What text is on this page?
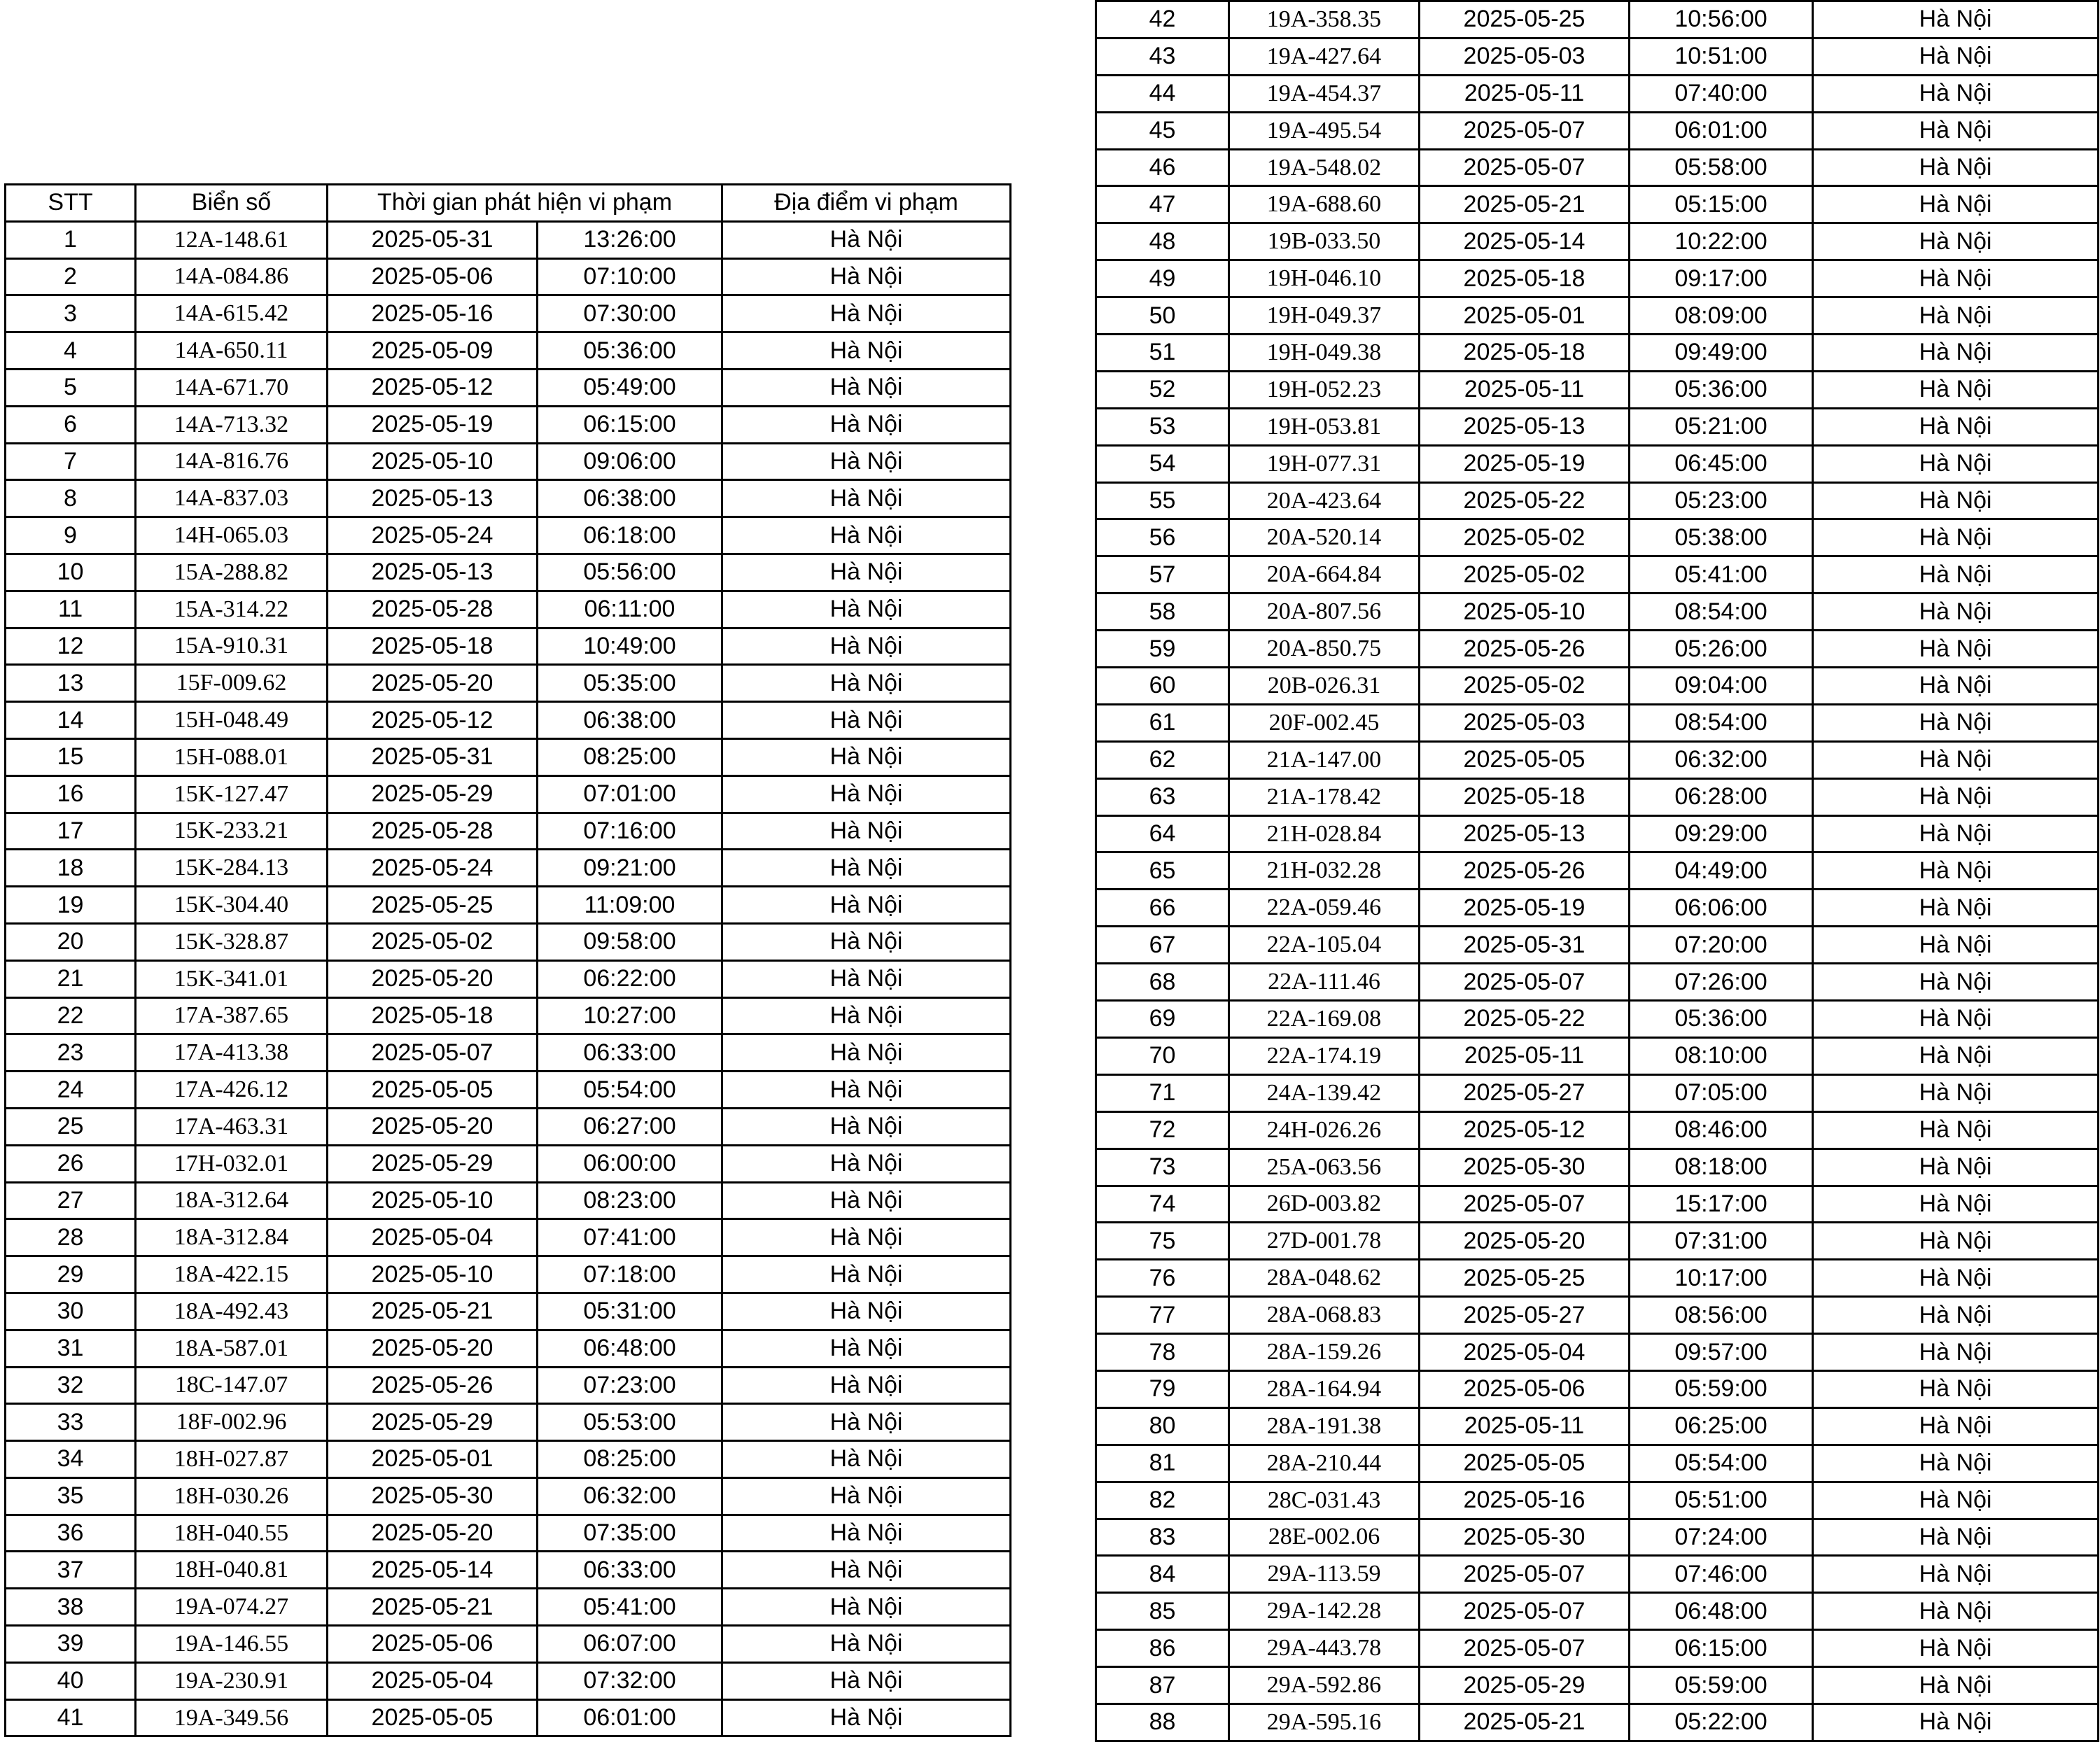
STT	Biển số	Thời gian phát hiện vi phạm		Địa điểm vi phạm
1	12A-148.61	2025-05-31	13:26:00	Hà Nội
2	14A-084.86	2025-05-06	07:10:00	Hà Nội
3	14A-615.42	2025-05-16	07:30:00	Hà Nội
4	14A-650.11	2025-05-09	05:36:00	Hà Nội
5	14A-671.70	2025-05-12	05:49:00	Hà Nội
6	14A-713.32	2025-05-19	06:15:00	Hà Nội
7	14A-816.76	2025-05-10	09:06:00	Hà Nội
8	14A-837.03	2025-05-13	06:38:00	Hà Nội
9	14H-065.03	2025-05-24	06:18:00	Hà Nội
10	15A-288.82	2025-05-13	05:56:00	Hà Nội
11	15A-314.22	2025-05-28	06:11:00	Hà Nội
12	15A-910.31	2025-05-18	10:49:00	Hà Nội
13	15F-009.62	2025-05-20	05:35:00	Hà Nội
14	15H-048.49	2025-05-12	06:38:00	Hà Nội
15	15H-088.01	2025-05-31	08:25:00	Hà Nội
16	15K-127.47	2025-05-29	07:01:00	Hà Nội
17	15K-233.21	2025-05-28	07:16:00	Hà Nội
18	15K-284.13	2025-05-24	09:21:00	Hà Nội
19	15K-304.40	2025-05-25	11:09:00	Hà Nội
20	15K-328.87	2025-05-02	09:58:00	Hà Nội
21	15K-341.01	2025-05-20	06:22:00	Hà Nội
22	17A-387.65	2025-05-18	10:27:00	Hà Nội
23	17A-413.38	2025-05-07	06:33:00	Hà Nội
24	17A-426.12	2025-05-05	05:54:00	Hà Nội
25	17A-463.31	2025-05-20	06:27:00	Hà Nội
26	17H-032.01	2025-05-29	06:00:00	Hà Nội
27	18A-312.64	2025-05-10	08:23:00	Hà Nội
28	18A-312.84	2025-05-04	07:41:00	Hà Nội
29	18A-422.15	2025-05-10	07:18:00	Hà Nội
30	18A-492.43	2025-05-21	05:31:00	Hà Nội
31	18A-587.01	2025-05-20	06:48:00	Hà Nội
32	18C-147.07	2025-05-26	07:23:00	Hà Nội
33	18F-002.96	2025-05-29	05:53:00	Hà Nội
34	18H-027.87	2025-05-01	08:25:00	Hà Nội
35	18H-030.26	2025-05-30	06:32:00	Hà Nội
36	18H-040.55	2025-05-20	07:35:00	Hà Nội
37	18H-040.81	2025-05-14	06:33:00	Hà Nội
38	19A-074.27	2025-05-21	05:41:00	Hà Nội
39	19A-146.55	2025-05-06	06:07:00	Hà Nội
40	19A-230.91	2025-05-04	07:32:00	Hà Nội
41	19A-349.56	2025-05-05	06:01:00	Hà Nội
42	19A-358.35	2025-05-25	10:56:00	Hà Nội
43	19A-427.64	2025-05-03	10:51:00	Hà Nội
44	19A-454.37	2025-05-11	07:40:00	Hà Nội
45	19A-495.54	2025-05-07	06:01:00	Hà Nội
46	19A-548.02	2025-05-07	05:58:00	Hà Nội
47	19A-688.60	2025-05-21	05:15:00	Hà Nội
48	19B-033.50	2025-05-14	10:22:00	Hà Nội
49	19H-046.10	2025-05-18	09:17:00	Hà Nội
50	19H-049.37	2025-05-01	08:09:00	Hà Nội
51	19H-049.38	2025-05-18	09:49:00	Hà Nội
52	19H-052.23	2025-05-11	05:36:00	Hà Nội
53	19H-053.81	2025-05-13	05:21:00	Hà Nội
54	19H-077.31	2025-05-19	06:45:00	Hà Nội
55	20A-423.64	2025-05-22	05:23:00	Hà Nội
56	20A-520.14	2025-05-02	05:38:00	Hà Nội
57	20A-664.84	2025-05-02	05:41:00	Hà Nội
58	20A-807.56	2025-05-10	08:54:00	Hà Nội
59	20A-850.75	2025-05-26	05:26:00	Hà Nội
60	20B-026.31	2025-05-02	09:04:00	Hà Nội
61	20F-002.45	2025-05-03	08:54:00	Hà Nội
62	21A-147.00	2025-05-05	06:32:00	Hà Nội
63	21A-178.42	2025-05-18	06:28:00	Hà Nội
64	21H-028.84	2025-05-13	09:29:00	Hà Nội
65	21H-032.28	2025-05-26	04:49:00	Hà Nội
66	22A-059.46	2025-05-19	06:06:00	Hà Nội
67	22A-105.04	2025-05-31	07:20:00	Hà Nội
68	22A-111.46	2025-05-07	07:26:00	Hà Nội
69	22A-169.08	2025-05-22	05:36:00	Hà Nội
70	22A-174.19	2025-05-11	08:10:00	Hà Nội
71	24A-139.42	2025-05-27	07:05:00	Hà Nội
72	24H-026.26	2025-05-12	08:46:00	Hà Nội
73	25A-063.56	2025-05-30	08:18:00	Hà Nội
74	26D-003.82	2025-05-07	15:17:00	Hà Nội
75	27D-001.78	2025-05-20	07:31:00	Hà Nội
76	28A-048.62	2025-05-25	10:17:00	Hà Nội
77	28A-068.83	2025-05-27	08:56:00	Hà Nội
78	28A-159.26	2025-05-04	09:57:00	Hà Nội
79	28A-164.94	2025-05-06	05:59:00	Hà Nội
80	28A-191.38	2025-05-11	06:25:00	Hà Nội
81	28A-210.44	2025-05-05	05:54:00	Hà Nội
82	28C-031.43	2025-05-16	05:51:00	Hà Nội
83	28E-002.06	2025-05-30	07:24:00	Hà Nội
84	29A-113.59	2025-05-07	07:46:00	Hà Nội
85	29A-142.28	2025-05-07	06:48:00	Hà Nội
86	29A-443.78	2025-05-07	06:15:00	Hà Nội
87	29A-592.86	2025-05-29	05:59:00	Hà Nội
88	29A-595.16	2025-05-21	05:22:00	Hà Nội
